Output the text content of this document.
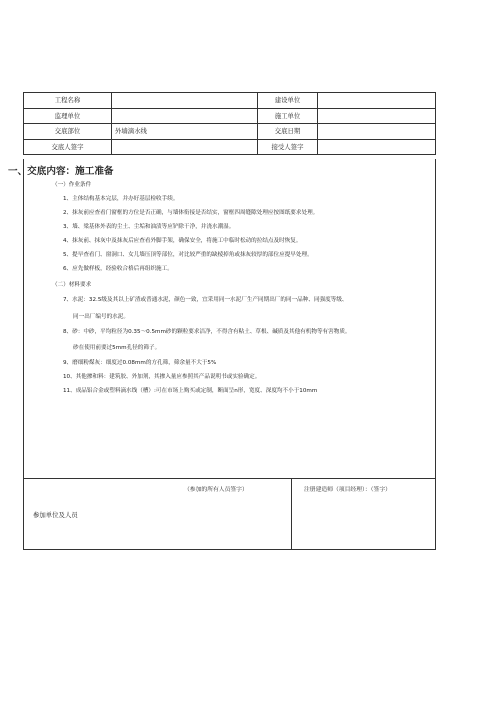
工程名称		建设单位	
监理单位		施工单位	
交底部位	外墙滴水线	交底日期	
交底人签字		接受人签字	
一、交底内容：施工准备
（一）作业条件
1、主体结构基本完层，并办好基层检收手续。
2、抹灰前应查看门窗框的方位是否正确，与墙体衔接是否结实，窗框四周缝隙处理应按图纸要求处理。
3、墙、梁基体外表的尘土、尘垢和油渍等应铲除干净，并浇水潮湿。
4、抹灰前、抹灰中及抹灰后应查看外脚手架，确保安全，将施工中临时松动的拉结点及时恢复。
5、提早查看门、窗洞口、女儿墙压顶等部位，对比较严重的缺棱掉角或抹灰较厚的部位应提早处理。
6、应先做样板，经验收合格后再组织施工。
（二）材料要求
7、水泥：32.5级及其以上矿渣或普通水泥，颜色一致，宜采用同一水泥厂生产同期出厂的同一品种、同强度等级、
同一出厂编号的水泥。
8、砂：中砂，平均粒径为0.35～0.5mm砂的颗粒要求洁净，不得含有粘土、草根、碱质及其他有机物等有害物质。
砂在使用前要过5mm孔径的筛子。
9、磨细粉煤灰：细度过0.08mm的方孔筛，筛余量不大于5%
10、其他掺和料：建筑胶、外加剂，其掺入量应参照其产品说明书或实验确定。
11、成品铝合金或塑料滴水线（槽）:可在市场上购买或定制，断面呈n形，宽度、深度均不小于10mm
参加单位及人员
（参加的所有人员签字）	注册建造师（项目经理）：（签字）
